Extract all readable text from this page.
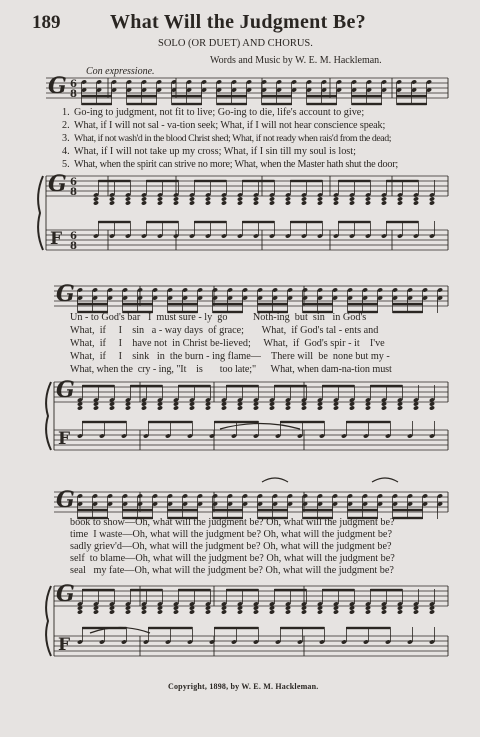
189 What Will the Judgment Be?
SOLO (OR DUET) AND CHORUS.
Words and Music by W. E. M. Hackleman.
Con expressione.
G 6
8
G 6
8
F 6
8
G
G
F
G
G
F
1. Go-ing to judgment, not fit to live; Go-ing to die, life's account to give;
2. What, if I will not sal - va-tion seek; What, if I will not hear conscience speak;
3. What, if not wash'd in the blood Christ shed; What, if not ready when rais'd from the dead;
4. What, if I will not take up my cross; What, if I sin till my soul is lost;
5. What, when the spirit can strive no more; What, when the Master hath shut the door;
Un - to God's bar   I  must sure - ly  go          Noth-ing  but  sin   in God's
What,  if     I    sin   a - way days  of grace;       What,  if God's tal - ents and
What,  if     I    have not  in Christ be-lieved;     What,  if  God's spir - it    I've
What,  if     I    sink   in  the burn - ing flame—    There will  be  none but my -
What, when the  cry - ing, "It    is       too late;"      What, when dam-na-tion must
book to show—Oh, what will the judgment be? Oh, what will the judgment be?
time  I waste—Oh, what will the judgment be? Oh, what will the judgment be?
sadly griev'd—Oh, what will the judgment be? Oh, what will the judgment be?
self  to blame—Oh, what will the judgment be? Oh, what will the judgment be?
seal   my fate—Oh, what will the judgment be? Oh, what will the judgment be?
Copyright, 1898, by W. E. M. Hackleman.
